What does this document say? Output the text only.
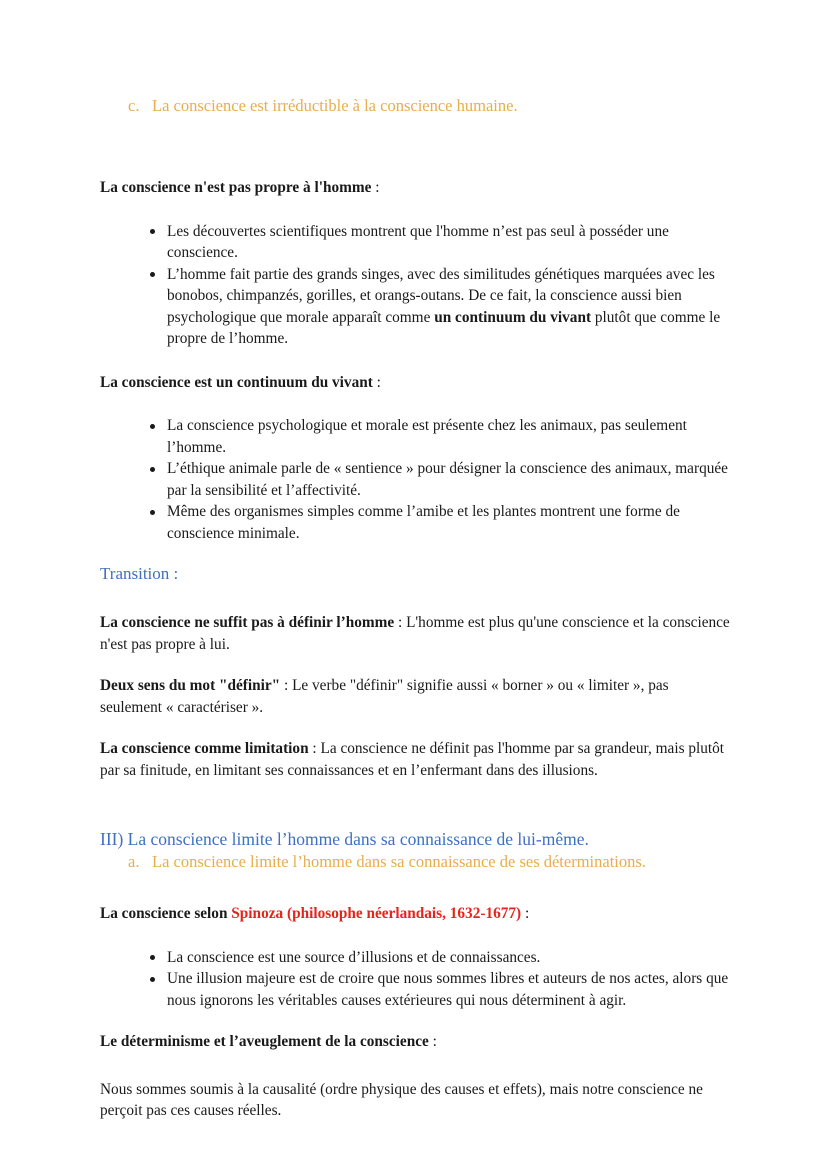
c. La conscience est irréductible à la conscience humaine.

La conscience n'est pas propre à l'homme :

Les découvertes scientifiques montrent que l'homme n’est pas seul à posséder une conscience.
L’homme fait partie des grands singes, avec des similitudes génétiques marquées avec les bonobos, chimpanzés, gorilles, et orangs-outans. De ce fait, la conscience aussi bien psychologique que morale apparaît comme un continuum du vivant plutôt que comme le propre de l’homme.

La conscience est un continuum du vivant :

La conscience psychologique et morale est présente chez les animaux, pas seulement l’homme.
L’éthique animale parle de « sentience » pour désigner la conscience des animaux, marquée par la sensibilité et l’affectivité.
Même des organismes simples comme l’amibe et les plantes montrent une forme de conscience minimale.
Transition :

La conscience ne suffit pas à définir l’homme : L'homme est plus qu'une conscience et la conscience n'est pas propre à lui.

Deux sens du mot "définir" : Le verbe "définir" signifie aussi « borner » ou « limiter », pas seulement « caractériser ».

La conscience comme limitation : La conscience ne définit pas l'homme par sa grandeur, mais plutôt par sa finitude, en limitant ses connaissances et en l’enfermant dans des illusions.

III) La conscience limite l’homme dans sa connaissance de lui-même.
a. La conscience limite l’homme dans sa connaissance de ses déterminations.

La conscience selon Spinoza (philosophe néerlandais, 1632-1677) :

La conscience est une source d’illusions et de connaissances.
Une illusion majeure est de croire que nous sommes libres et auteurs de nos actes, alors que nous ignorons les véritables causes extérieures qui nous déterminent à agir.

Le déterminisme et l’aveuglement de la conscience :

Nous sommes soumis à la causalité (ordre physique des causes et effets), mais notre conscience ne perçoit pas ces causes réelles.
